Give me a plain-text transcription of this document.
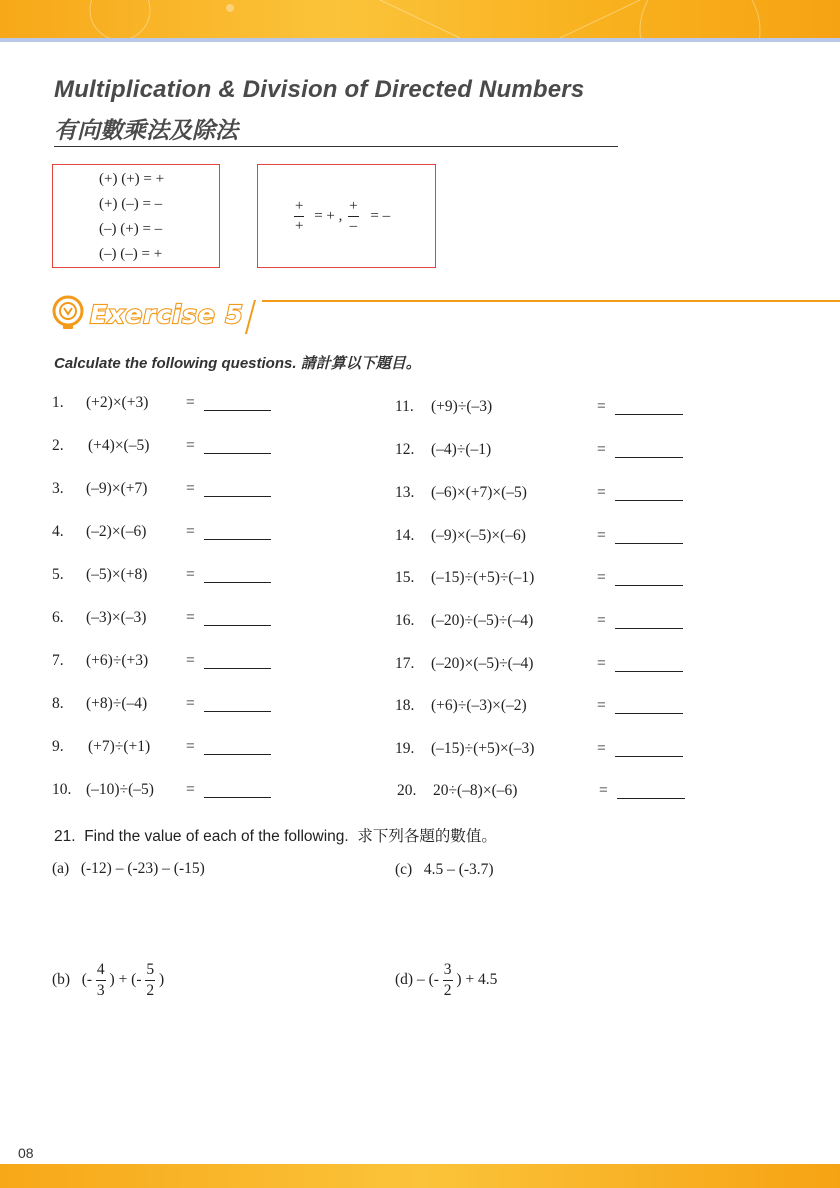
Multiplication & Division of Directed Numbers
有向數乘法及除法
(+) (+) = +
(+) (–) = –
(–) (+) = –
(–) (–) = +
$\frac{+}{+}$ = + , $\frac{+}{-}$ = –
Exercise 5
Calculate the following questions. 請計算以下題目。
1. (+2)×(+3) =
2. (+4)×(–5) =
3. (–9)×(+7) =
4. (–2)×(–6)	=
5. (–5)×(+8) =
6. (–3)×(–3)	=
7. (+6)÷(+3) =
8. (+8)÷(–4)	=
9. (+7)÷(+1) =
10. (–10)÷(–5) =
11. (+9)÷(–3)	=
12. (–4)÷(–1)	=
13. (–6)×(+7)×(–5)	=
14. (–9)×(–5)×(–6)	=
15. (–15)÷(+5)÷(–1)	=
16. (–20)÷(–5)÷(–4)	=
17. (–20)×(–5)÷(–4)	=
18. (+6)÷(–3)×(–2)	=
19. (–15)÷(+5)×(–3)	=
20. 20÷(–8)×(–6)	=
21. Find the value of each of the following. 求下列各題的數值。
(a) (-12) – (-23) – (-15)	(c) 4.5 – (-3.7)
(b) (- $\frac{4}{3}$ ) + (- $\frac{5}{2}$ )	(d) – (- $\frac{3}{2}$ ) + 4.5
08
